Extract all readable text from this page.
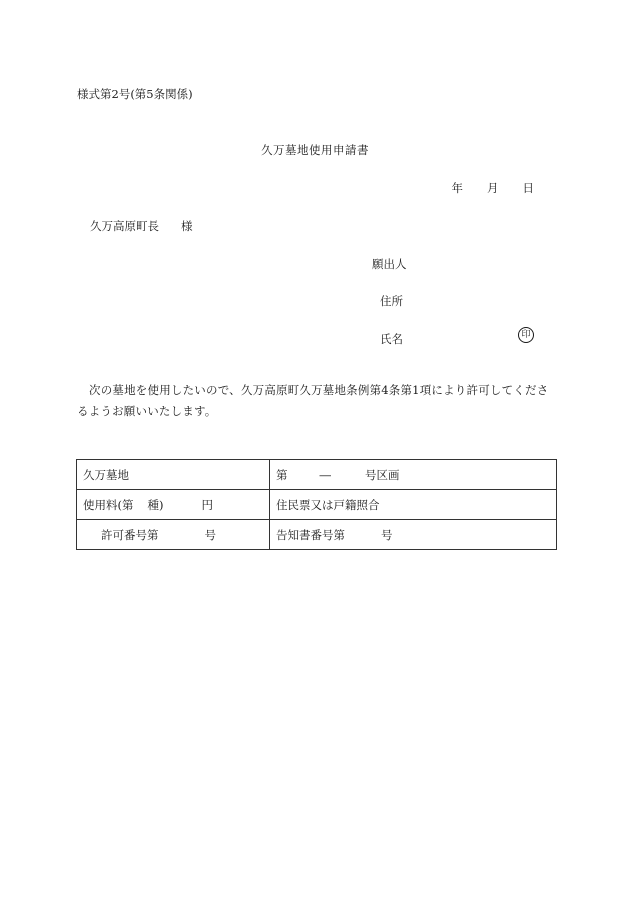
様式第2号(第5条関係)
久万墓地使用申請書
年 月 日
久万高原町長 様
願出人
住所
氏名	印
次の墓地を使用したいので、久万高原町久万墓地条例第4条第1項により許可してくださるようお願いいたします。
久万墓地	第 ― 号区画
使用料(第 種) 円	住民票又は戸籍照合
許可番号第 号	告知書番号第 号
